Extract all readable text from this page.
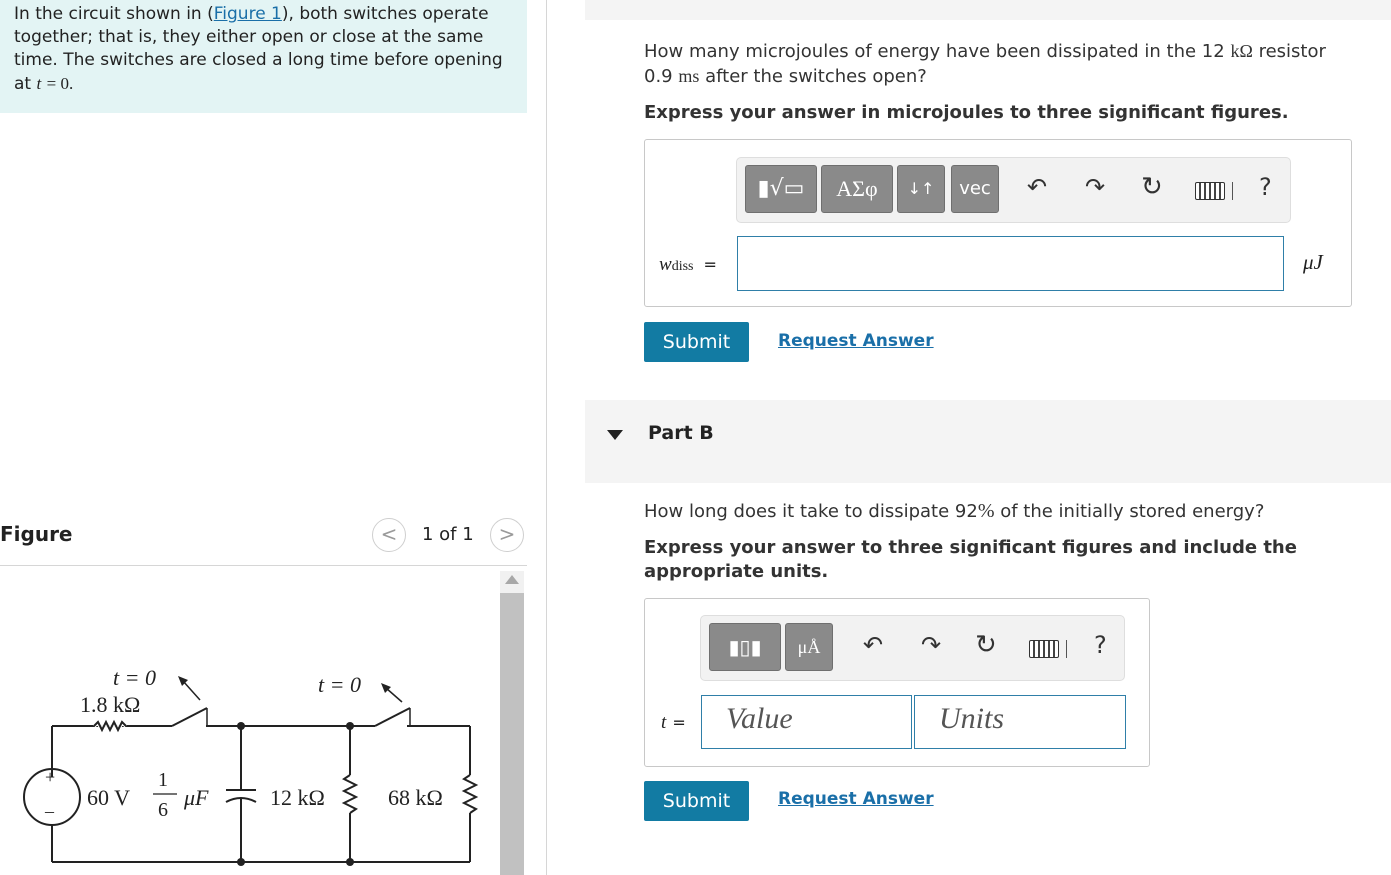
In the circuit shown in (Figure 1), both switches operate together; that is, they either open or close at the same time. The switches are closed a long time before opening at t = 0.
Figure	<	1 of 1	>
t = 0
1.8 kΩ
t = 0
60 V
1
6 μF	12 kΩ	68 kΩ
+
–
How many microjoules of energy have been dissipated in the 12 kΩ resistor
0.9 ms after the switches open?
Express your answer in microjoules to three significant figures.
▮√▭	ΑΣφ	↓↑	vec	↶ ↷ ↻	?
wdiss =	μJ
Submit	Request Answer
Part B
How long does it take to dissipate 92% of the initially stored energy?
Express your answer to three significant figures and include the appropriate units.
▮▯▮	μÅ	↶ ↷ ↻	?
t =	Value	Units
Submit	Request Answer
